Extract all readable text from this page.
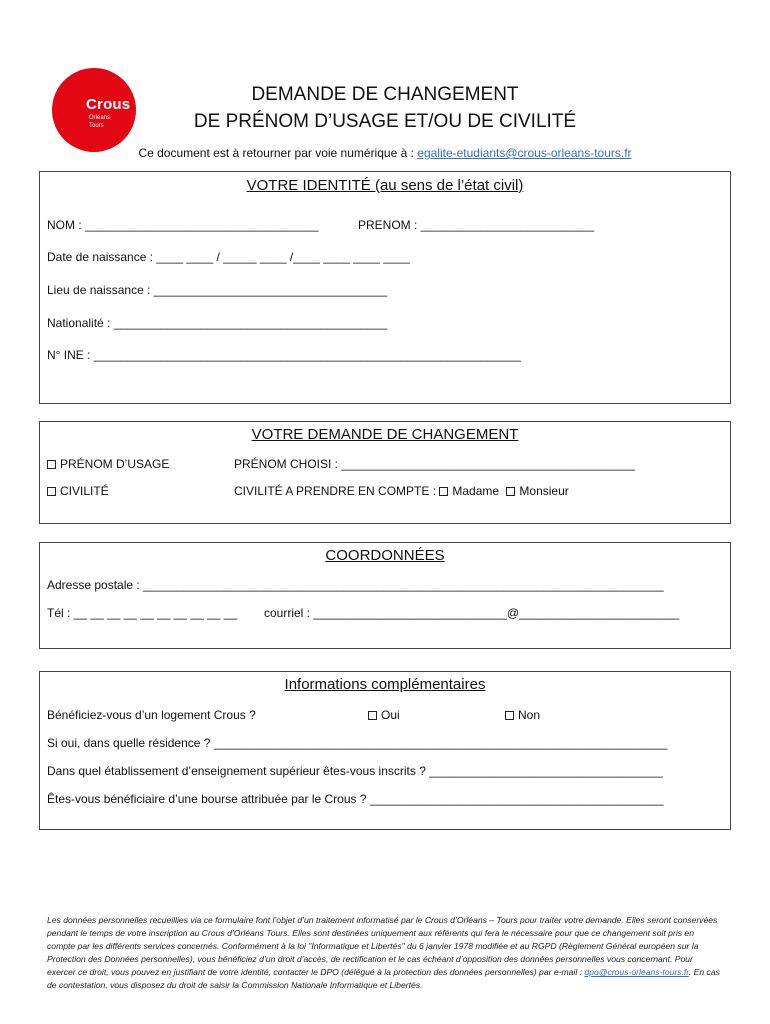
Crous
Orléans
Tours
DEMANDE DE CHANGEMENT
DE PRÉNOM D’USAGE ET/OU DE CIVILITÉ
Ce document est à retourner par voie numérique à : egalite-etudiants@crous-orleans-tours.fr
VOTRE IDENTITÉ (au sens de l’état civil)
NOM : ___________________________________	PRENOM : __________________________
Date de naissance : ____ ____ / _____ ____ /____ ____ ____ ____
Lieu de naissance : ___________________________________
Nationalité : _________________________________________
N° INE : ________________________________________________________________
VOTRE DEMANDE DE CHANGEMENT
PRÉNOM D’USAGE	PRÉNOM CHOISI : ____________________________________________
CIVILITÉ	CIVILITÉ A PRENDRE EN COMPTE : Madame Monsieur
COORDONNÉES
Adresse postale : ______________________________________________________________________________
Tél : __ __ __ __ __ __ __ __ __ __ courriel : _____________________________@________________________
Informations complémentaires
Bénéficiez-vous d’un logement Crous ?	Oui	Non
Si oui, dans quelle résidence ? ____________________________________________________________________
Dans quel établissement d’enseignement supérieur êtes-vous inscrits ? ___________________________________
Êtes-vous bénéficiaire d’une bourse attribuée par le Crous ? ____________________________________________
Les données personnelles recueillies via ce formulaire font l’objet d’un traitement informatisé par le Crous d’Orléans – Tours pour traiter votre demande. Elles seront conservées pendant le temps de votre inscription au Crous d’Orléans Tours. Elles sont destinées uniquement aux référents qui fera le nécessaire pour que ce changement soit pris en compte par les différents services concernés. Conformément à la loi "Informatique et Libertés" du 6 janvier 1978 modifiée et au RGPD (Règlement Général européen sur la Protection des Données personnelles), vous bénéficiez d’un droit d’accès, de rectification et le cas échéant d’opposition des données personnelles vous concernant. Pour exercer ce droit, vous pouvez en justifiant de votre identité, contacter le DPO (délégué à la protection des données personnelles) par e-mail : dpo@crous-orleans-tours.fr. En cas de contestation, vous disposez du droit de saisir la Commission Nationale Informatique et Libertés.
